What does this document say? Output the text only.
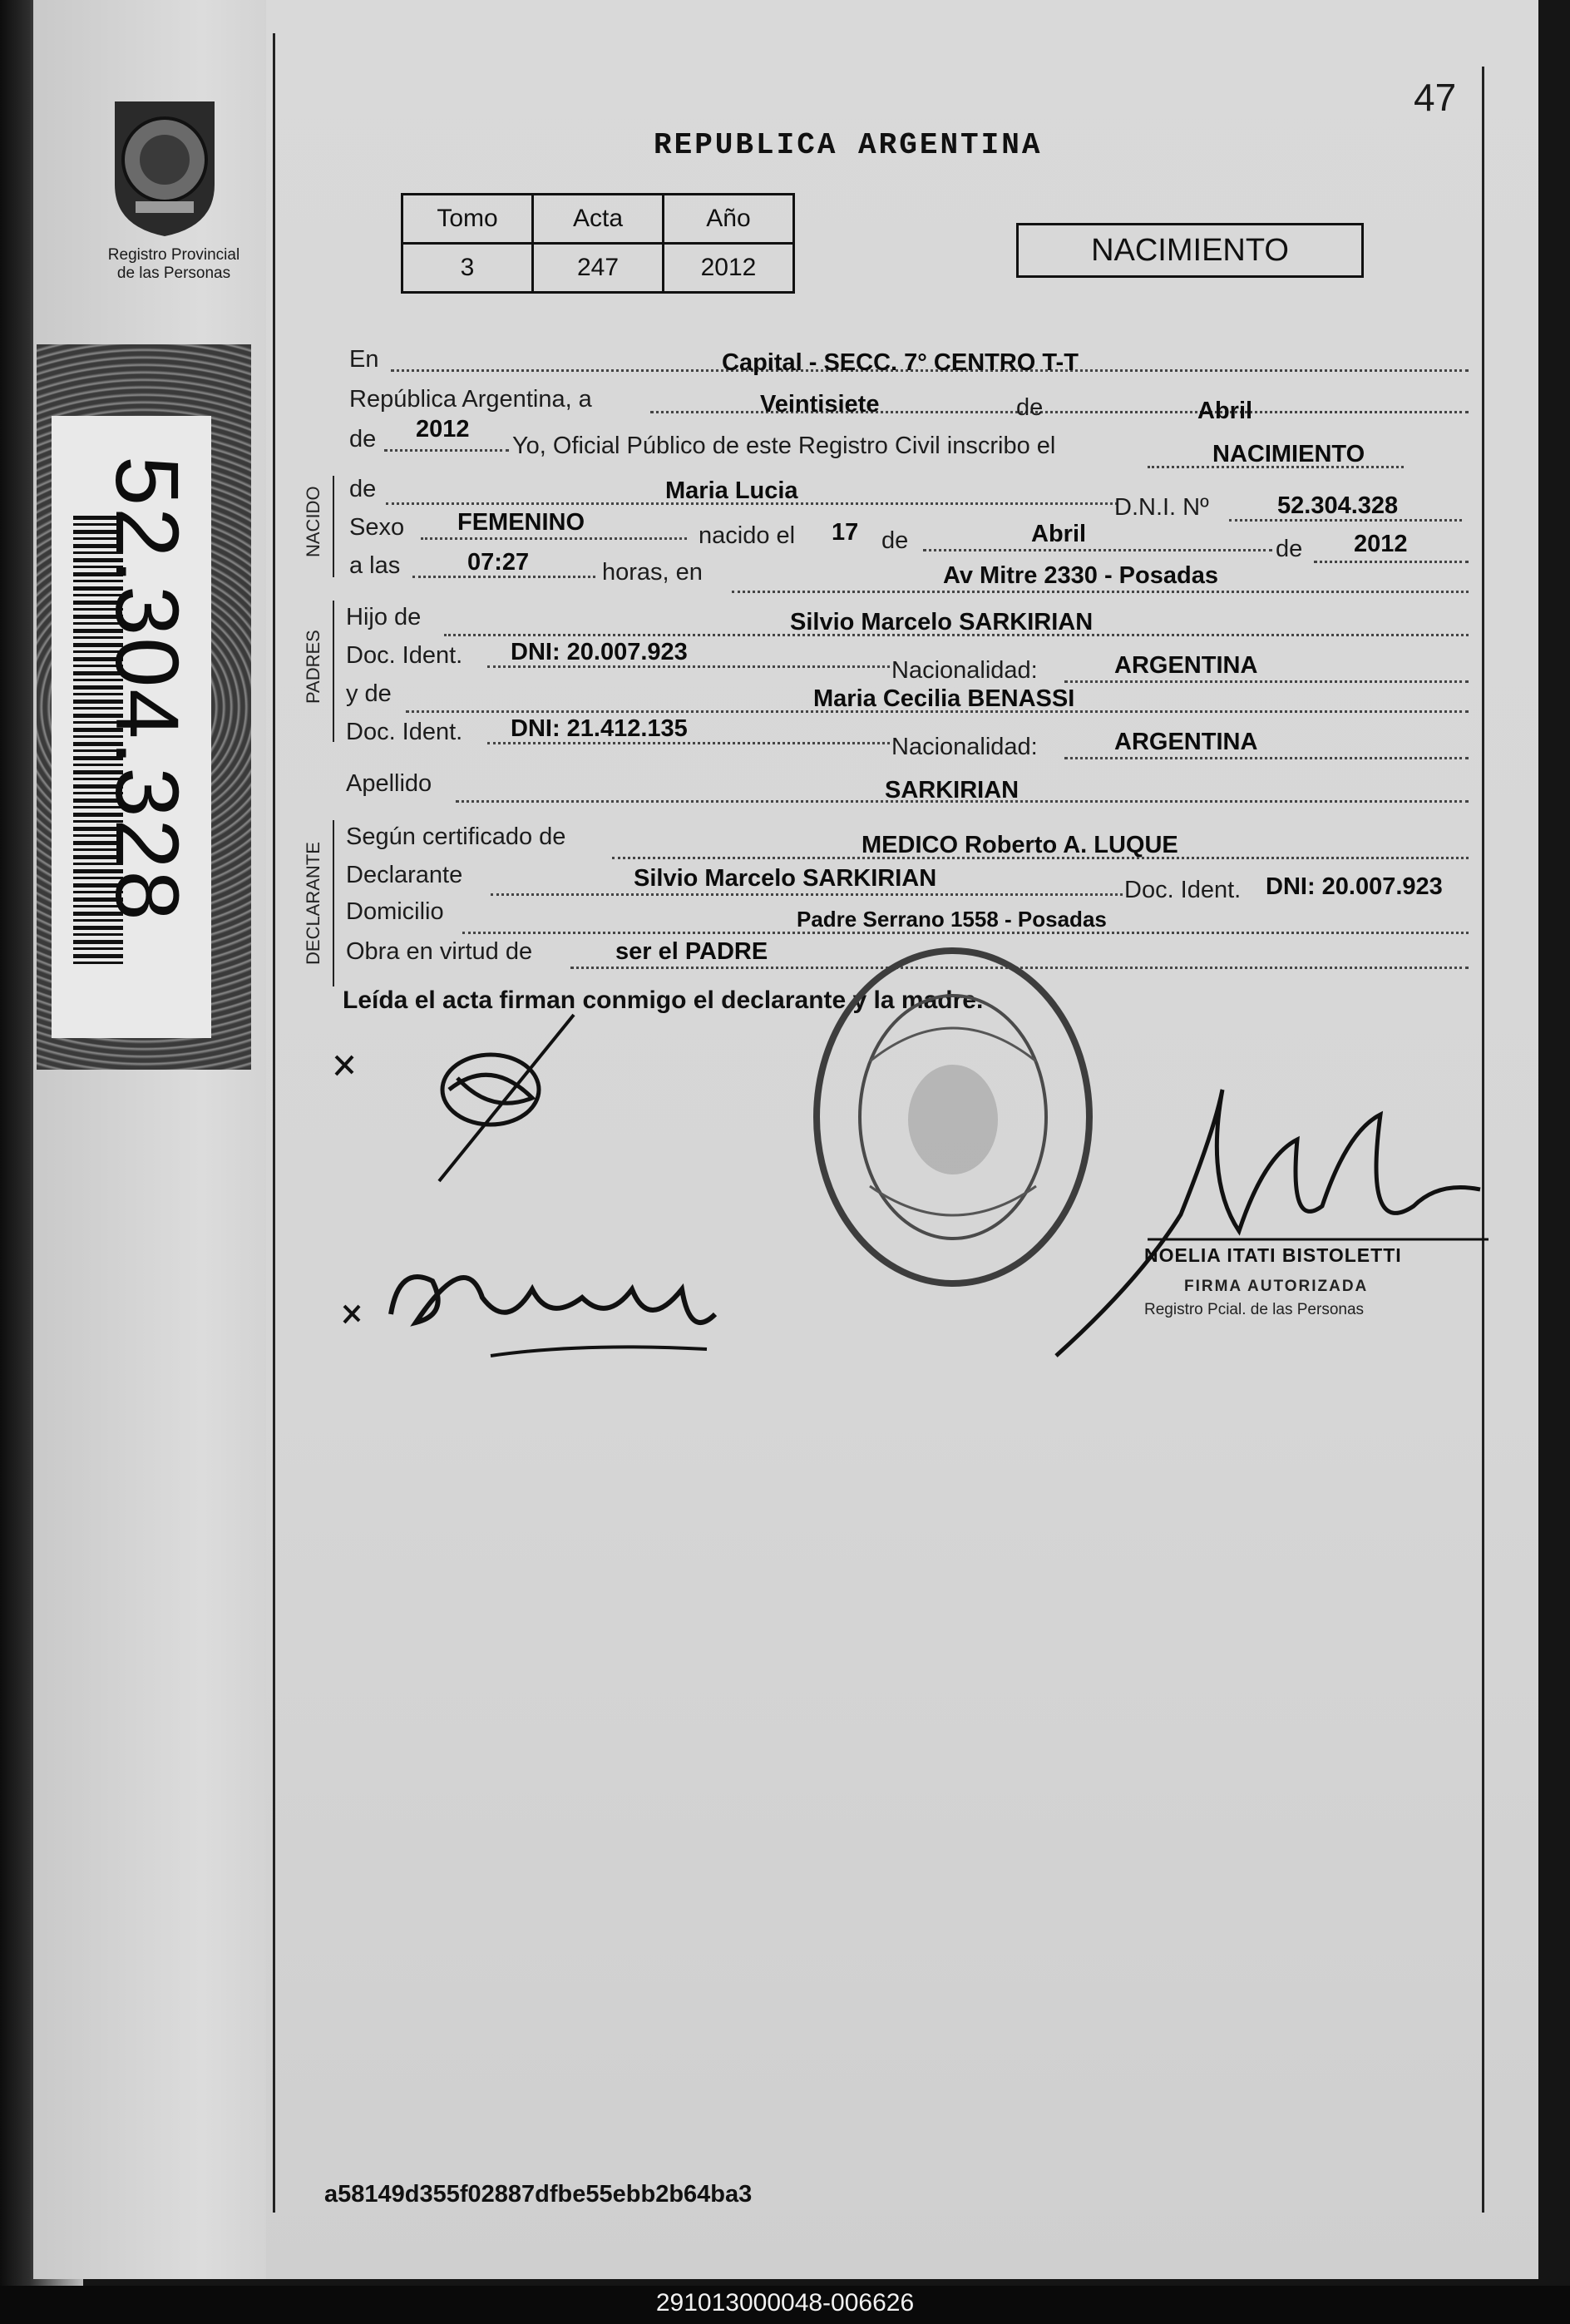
Registro Provincial
de las Personas
52.304.328
47
REPUBLICA ARGENTINA
Tomo	Acta	Año
3	247	2012	NACIMIENTO
NACIDO
PADRES
DECLARANTE
En	Capital - SECC. 7° CENTRO T-T
República Argentina, a	Veintisiete	de	Abril
de 2012
Yo, Oficial Público de este Registro Civil inscribo el	NACIMIENTO
de	Maria Lucia
D.N.I. Nº	52.304.328
Sexo FEMENINO	nacido el 17 de	Abril
de 2012
a las	07:27	horas, en	Av Mitre 2330 - Posadas
Hijo de	Silvio Marcelo SARKIRIAN
Doc. Ident. DNI: 20.007.923
Nacionalidad:	ARGENTINA
y de	Maria Cecilia BENASSI
Doc. Ident. DNI: 21.412.135
Nacionalidad:	ARGENTINA
Apellido	SARKIRIAN
Según certificado de	MEDICO Roberto A. LUQUE
Declarante	Silvio Marcelo SARKIRIAN	Doc. Ident. DNI: 20.007.923
Domicilio	Padre Serrano 1558 - Posadas
Obra en virtud de	ser el PADRE
Leída el acta firman conmigo el declarante y la madre.
NOELIA ITATI BISTOLETTI
FIRMA AUTORIZADA
Registro Pcial. de las Personas
a58149d355f02887dfbe55ebb2b64ba3
291013000048-006626
